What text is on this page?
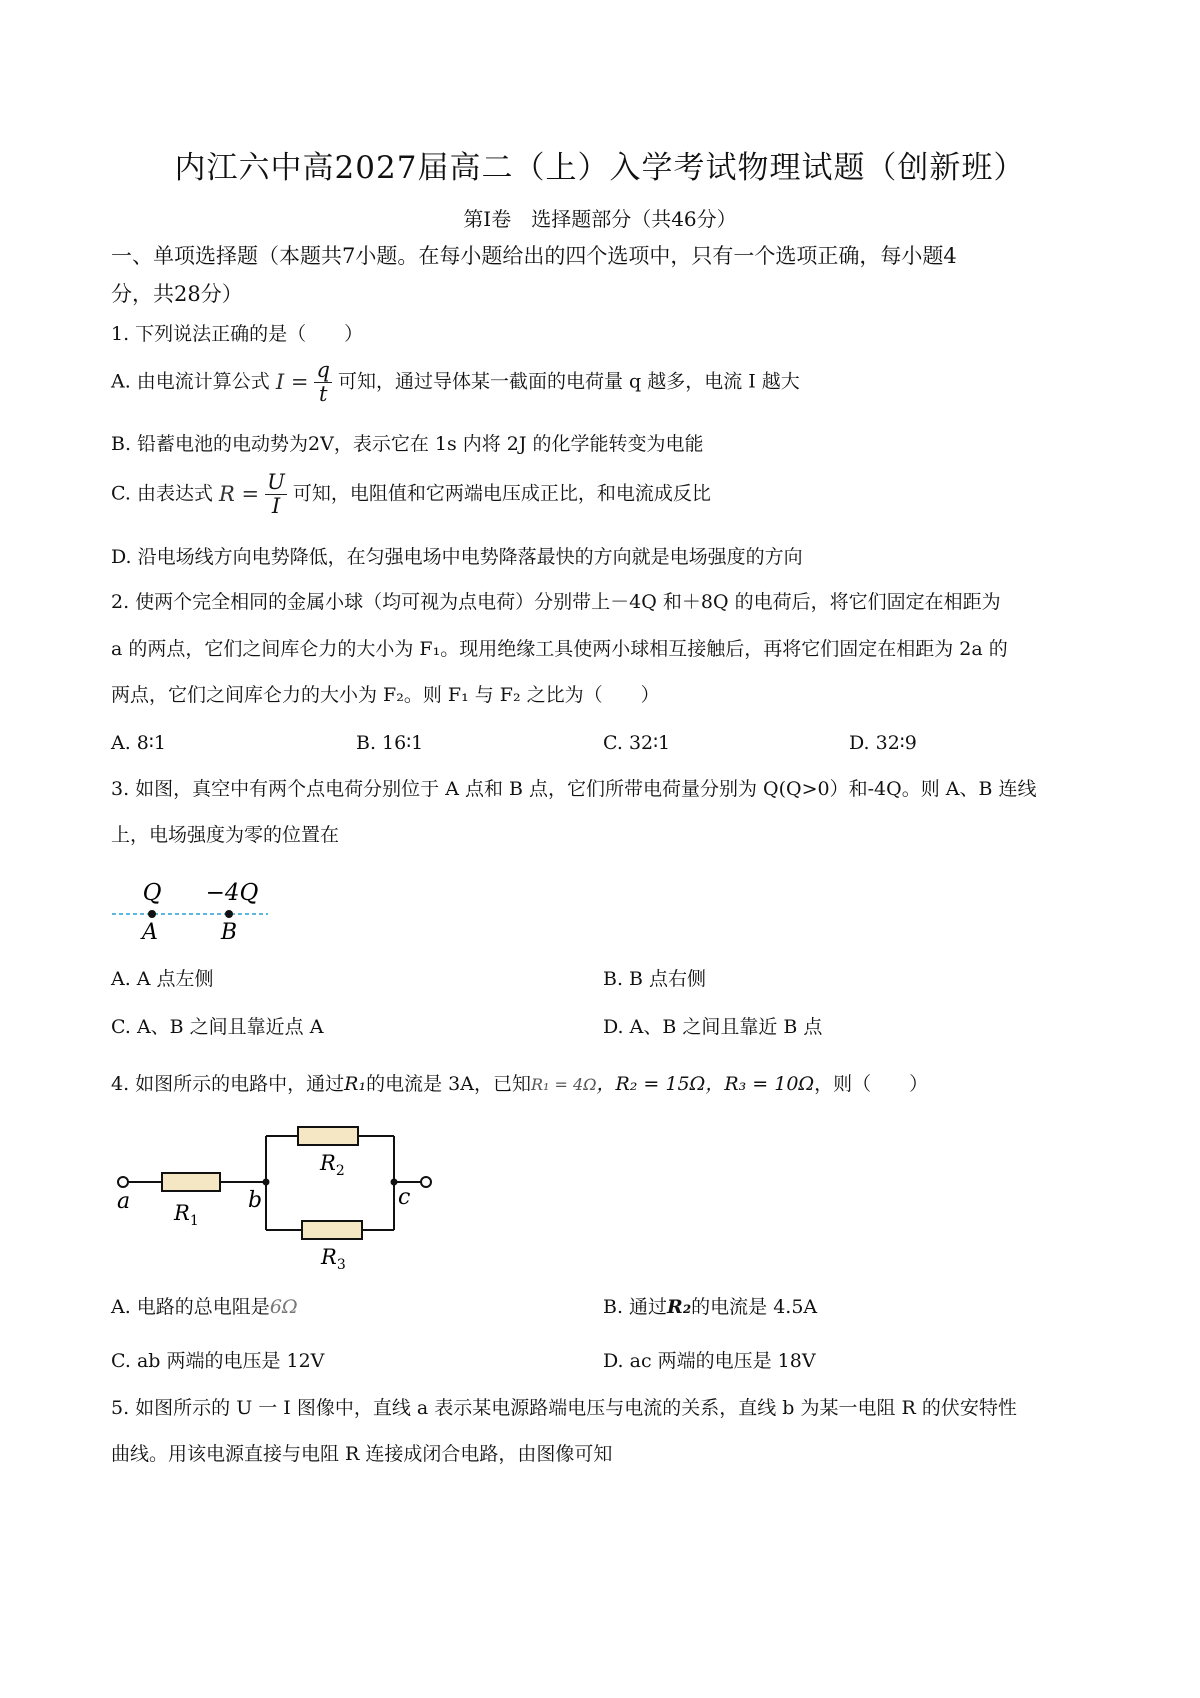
内江六中高2027届高二（上）入学考试物理试题（创新班）
第Ⅰ卷　选择题部分（共46分）
一、单项选择题（本题共7小题。在每小题给出的四个选项中，只有一个选项正确，每小题4
分，共28分）
1. 下列说法正确的是（　　）
A. 由电流计算公式 $I = \frac{q}{t}$ 可知，通过导体某一截面的电荷量 q 越多，电流 I 越大
B. 铅蓄电池的电动势为2V，表示它在 1s 内将 2J 的化学能转变为电能
C. 由表达式 $R = \frac{U}{I}$ 可知，电阻值和它两端电压成正比，和电流成反比
D. 沿电场线方向电势降低，在匀强电场中电势降落最快的方向就是电场强度的方向
2. 使两个完全相同的金属小球（均可视为点电荷）分别带上－4Q 和＋8Q 的电荷后，将它们固定在相距为
a 的两点，它们之间库仑力的大小为 F₁。现用绝缘工具使两小球相互接触后，再将它们固定在相距为 2a 的
两点，它们之间库仑力的大小为 F₂。则 F₁ 与 F₂ 之比为（　　）
A. 8∶1	B. 16∶1	C. 32∶1	D. 32∶9
3. 如图，真空中有两个点电荷分别位于 A 点和 B 点，它们所带电荷量分别为 Q(Q>0）和-4Q。则 A、B 连线
上，电场强度为零的位置在
Q −4Q
A	B
A. A 点左侧	B. B 点右侧
C. A、B 之间且靠近点 A	D. A、B 之间且靠近 B 点
4. 如图所示的电路中，通过R₁的电流是 3A，已知R₁ = 4Ω，R₂ = 15Ω，R₃ = 10Ω，则（　　）
a	b	c
$R_1$
$R_2$
$R_3$
A. 电路的总电阻是6Ω	B. 通过R₂的电流是 4.5A
C. ab 两端的电压是 12V	D. ac 两端的电压是 18V
5. 如图所示的 U 一 I 图像中，直线 a 表示某电源路端电压与电流的关系，直线 b 为某一电阻 R 的伏安特性
曲线。用该电源直接与电阻 R 连接成闭合电路，由图像可知
